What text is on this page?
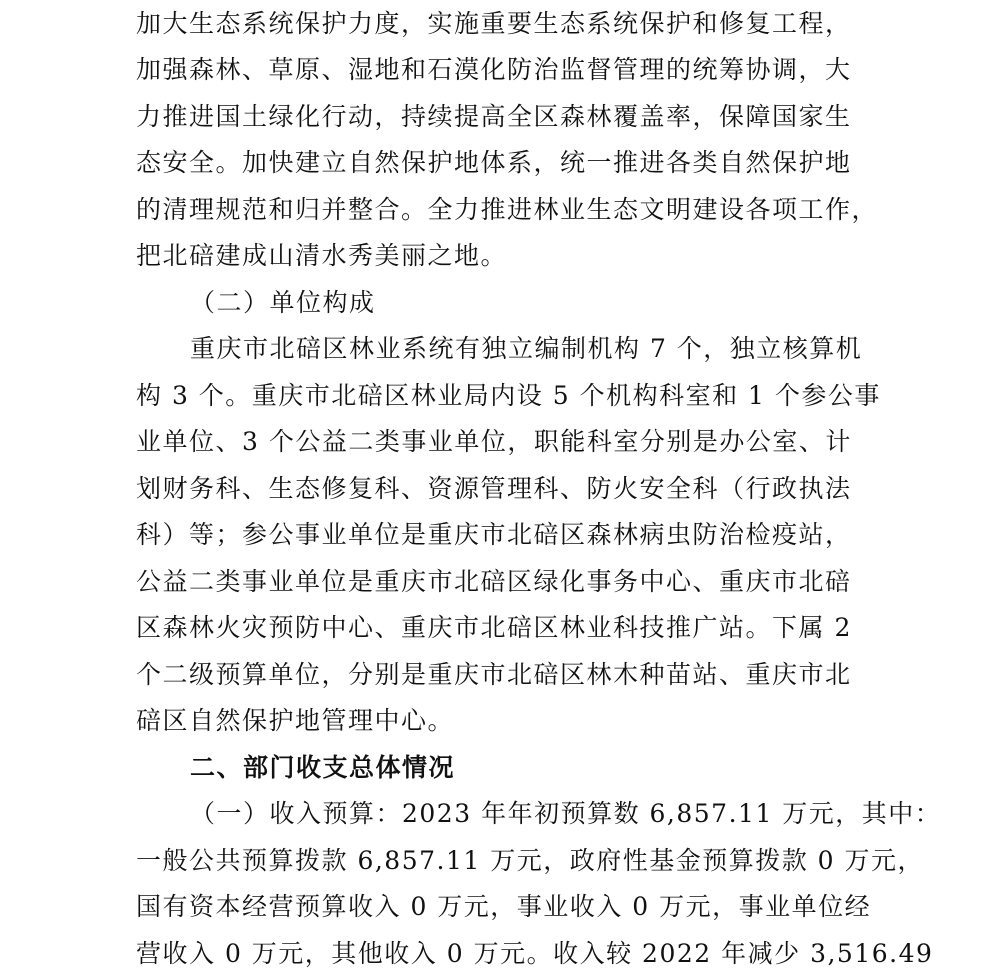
加大生态系统保护力度，实施重要生态系统保护和修复工程，
加强森林、草原、湿地和石漠化防治监督管理的统筹协调，大
力推进国土绿化行动，持续提高全区森林覆盖率，保障国家生
态安全。加快建立自然保护地体系，统一推进各类自然保护地
的清理规范和归并整合。全力推进林业生态文明建设各项工作，
把北碚建成山清水秀美丽之地。
（二）单位构成
重庆市北碚区林业系统有独立编制机构 7 个，独立核算机
构 3 个。重庆市北碚区林业局内设 5 个机构科室和 1 个参公事
业单位、3 个公益二类事业单位，职能科室分别是办公室、计
划财务科、生态修复科、资源管理科、防火安全科（行政执法
科）等；参公事业单位是重庆市北碚区森林病虫防治检疫站，
公益二类事业单位是重庆市北碚区绿化事务中心、重庆市北碚
区森林火灾预防中心、重庆市北碚区林业科技推广站。下属 2
个二级预算单位，分别是重庆市北碚区林木种苗站、重庆市北
碚区自然保护地管理中心。
二、部门收支总体情况
（一）收入预算：2023 年年初预算数 6,857.11 万元，其中：
一般公共预算拨款 6,857.11 万元，政府性基金预算拨款 0 万元，
国有资本经营预算收入 0 万元，事业收入 0 万元，事业单位经
营收入 0 万元，其他收入 0 万元。收入较 2022 年减少 3,516.49
